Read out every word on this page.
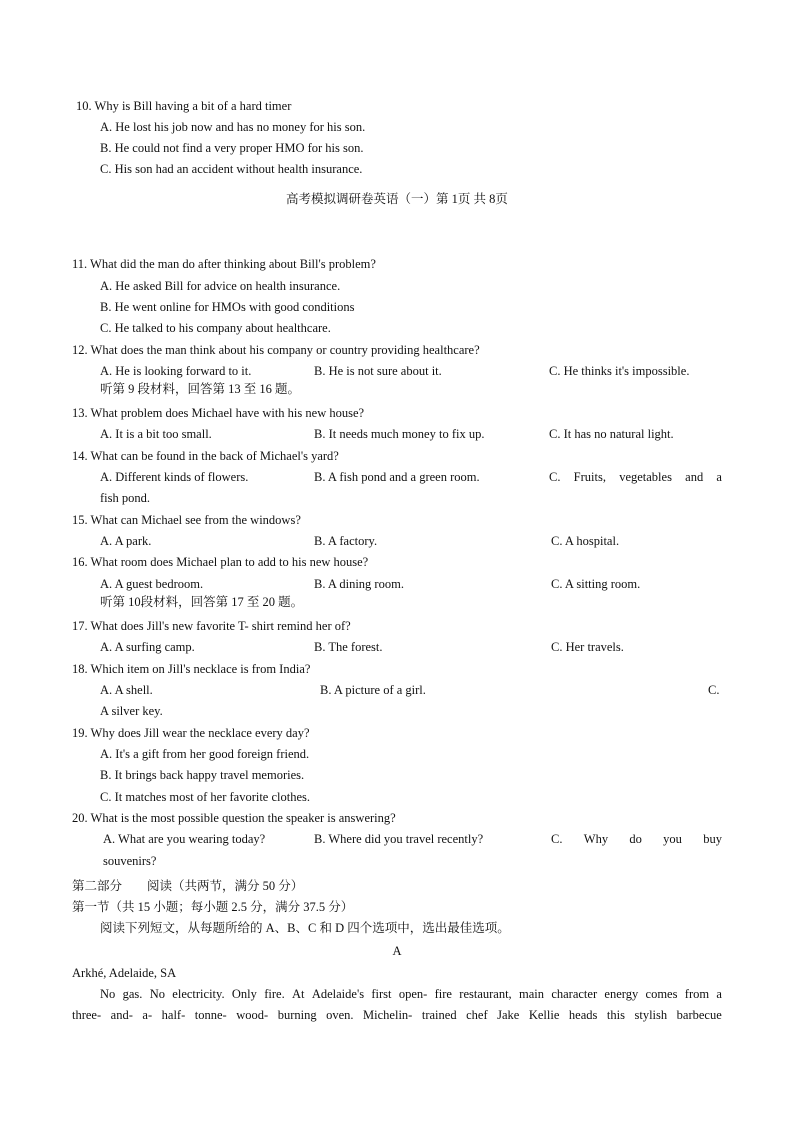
10. Why is Bill having a bit of a hard timer
A. He lost his job now and has no money for his son.
B. He could not find a very proper HMO for his son.
C. His son had an accident without health insurance.
高考模拟调研卷英语（一）第 1页 共 8页
11. What did the man do after thinking about Bill's problem?
A. He asked Bill for advice on health insurance.
B. He went online for HMOs with good conditions
C. He talked to his company about healthcare.
12. What does the man think about his company or country providing healthcare?
A. He is looking forward to it.	B. He is not sure about it.	C. He thinks it's impossible.
听第 9 段材料，回答第 13 至 16 题。
13. What problem does Michael have with his new house?
A. It is a bit too small.	B. It needs much money to fix up.	C. It has no natural light.
14. What can be found in the back of Michael's yard?
A. Different kinds of flowers.	B. A fish pond and a green room.	C. Fruits, vegetables and a
fish pond.
15. What can Michael see from the windows?
A. A park.	B. A factory.	C. A hospital.
16. What room does Michael plan to add to his new house?
A. A guest bedroom.	B. A dining room.	C. A sitting room.
听第 10段材料，回答第 17 至 20 题。
17. What does Jill's new favorite T- shirt remind her of?
A. A surfing camp.	B. The forest.	C. Her travels.
18. Which item on Jill's necklace is from India?
A. A shell.	B. A picture of a girl.	C.
A silver key.
19. Why does Jill wear the necklace every day?
A. It's a gift from her good foreign friend.
B. It brings back happy travel memories.
C. It matches most of her favorite clothes.
20. What is the most possible question the speaker is answering?
A. What are you wearing today?	B. Where did you travel recently?	C. Why do you buy
souvenirs?
第二部分        阅读（共两节，满分 50 分）
第一节（共 15 小题；每小题 2.5 分，满分 37.5 分）
阅读下列短文，从每题所给的 A、B、C 和 D 四个选项中，选出最佳选项。
A
Arkhé, Adelaide, SA
No gas. No electricity. Only fire. At Adelaide's first open- fire restaurant, main character energy comes from a
three- and- a- half- tonne- wood- burning oven. Michelin- trained chef Jake Kellie heads this stylish barbecue
